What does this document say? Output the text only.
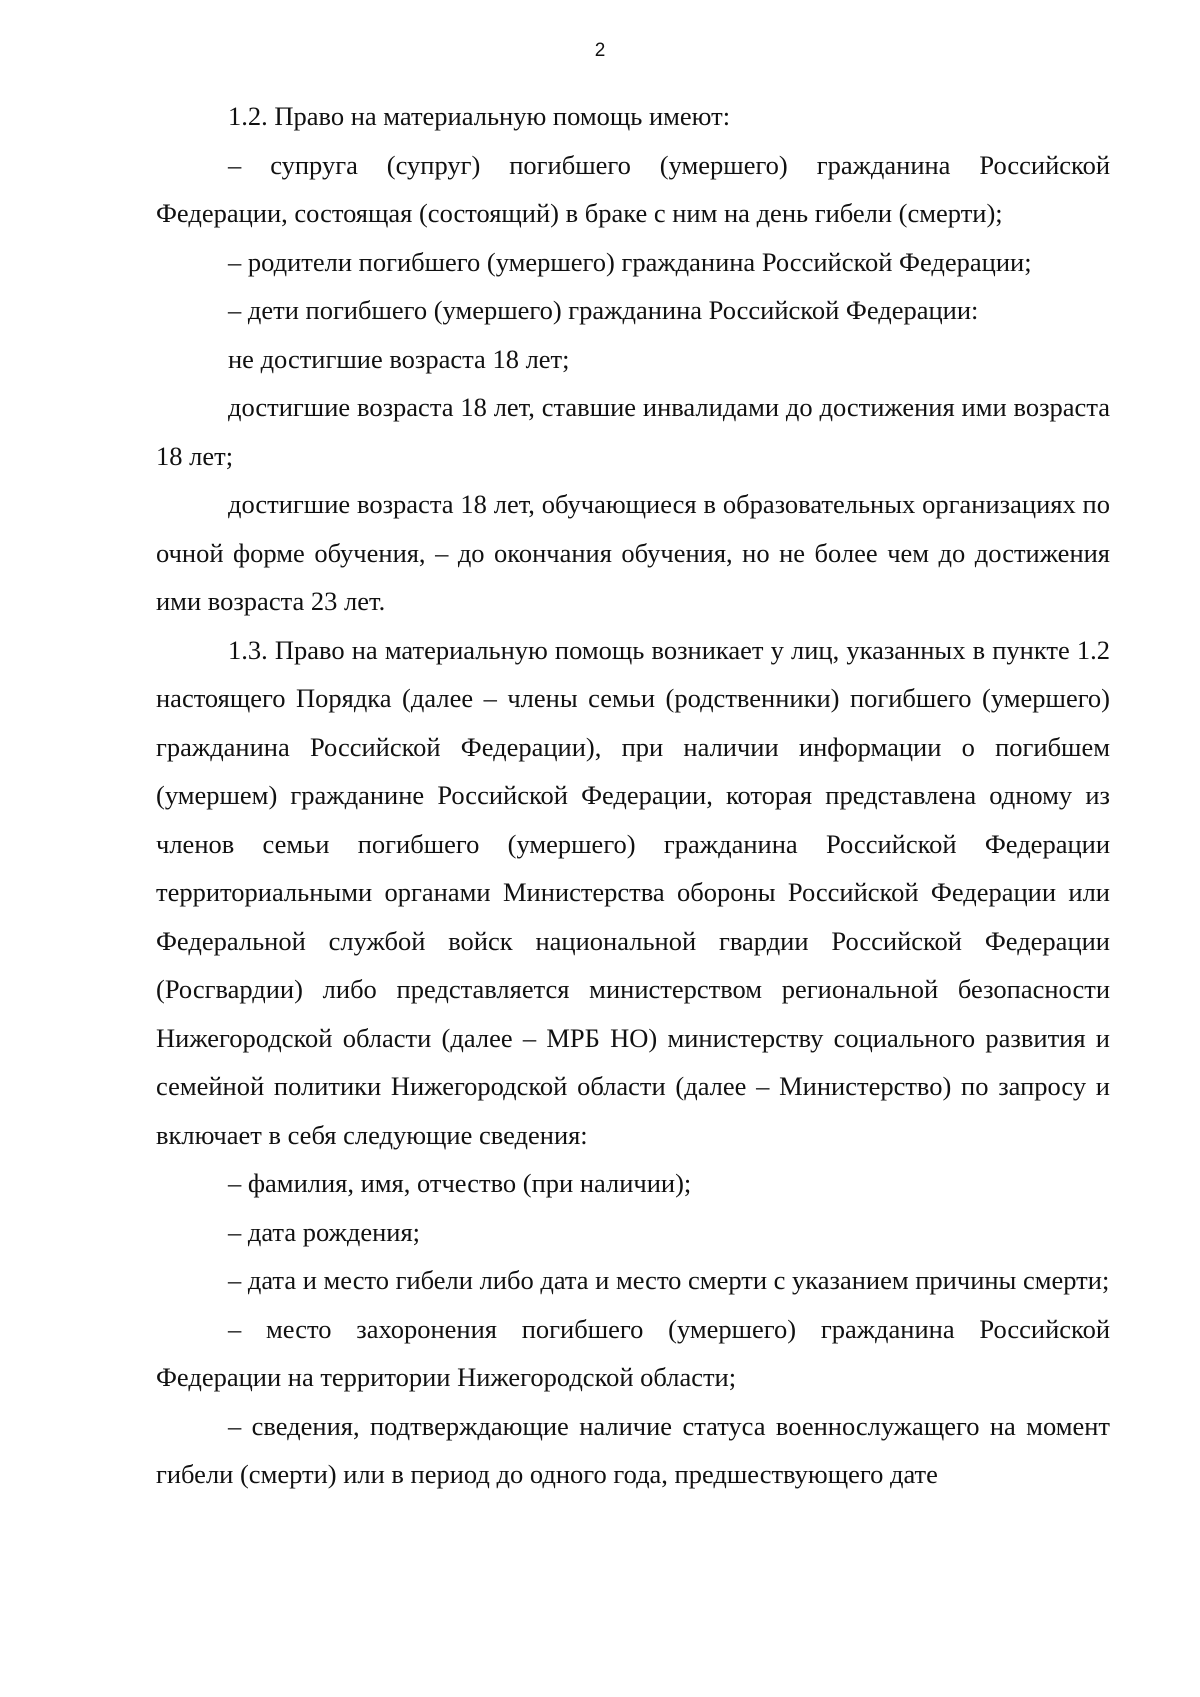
2

1.2. Право на материальную помощь имеют:

– супруга (супруг) погибшего (умершего) гражданина Российской Федерации, состоящая (состоящий) в браке с ним на день гибели (смерти);

– родители погибшего (умершего) гражданина Российской Федерации;

– дети погибшего (умершего) гражданина Российской Федерации:

не достигшие возраста 18 лет;

достигшие возраста 18 лет, ставшие инвалидами до достижения ими возраста 18 лет;

достигшие возраста 18 лет, обучающиеся в образовательных организациях по очной форме обучения, – до окончания обучения, но не более чем до достижения ими возраста 23 лет.

1.3. Право на материальную помощь возникает у лиц, указанных в пункте 1.2 настоящего Порядка (далее – члены семьи (родственники) погибшего (умершего) гражданина Российской Федерации), при наличии информации о погибшем (умершем) гражданине Российской Федерации, которая представлена одному из членов семьи погибшего (умершего) гражданина Российской Федерации территориальными органами Министерства обороны Российской Федерации или Федеральной службой войск национальной гвардии Российской Федерации (Росгвардии) либо представляется министерством региональной безопасности Нижегородской области (далее – МРБ НО) министерству социального развития и семейной политики Нижегородской области (далее – Министерство) по запросу и включает в себя следующие сведения:

– фамилия, имя, отчество (при наличии);

– дата рождения;

– дата и место гибели либо дата и место смерти с указанием причины смерти;

– место захоронения погибшего (умершего) гражданина Российской Федерации на территории Нижегородской области;

– сведения, подтверждающие наличие статуса военнослужащего на момент гибели (смерти) или в период до одного года, предшествующего дате
